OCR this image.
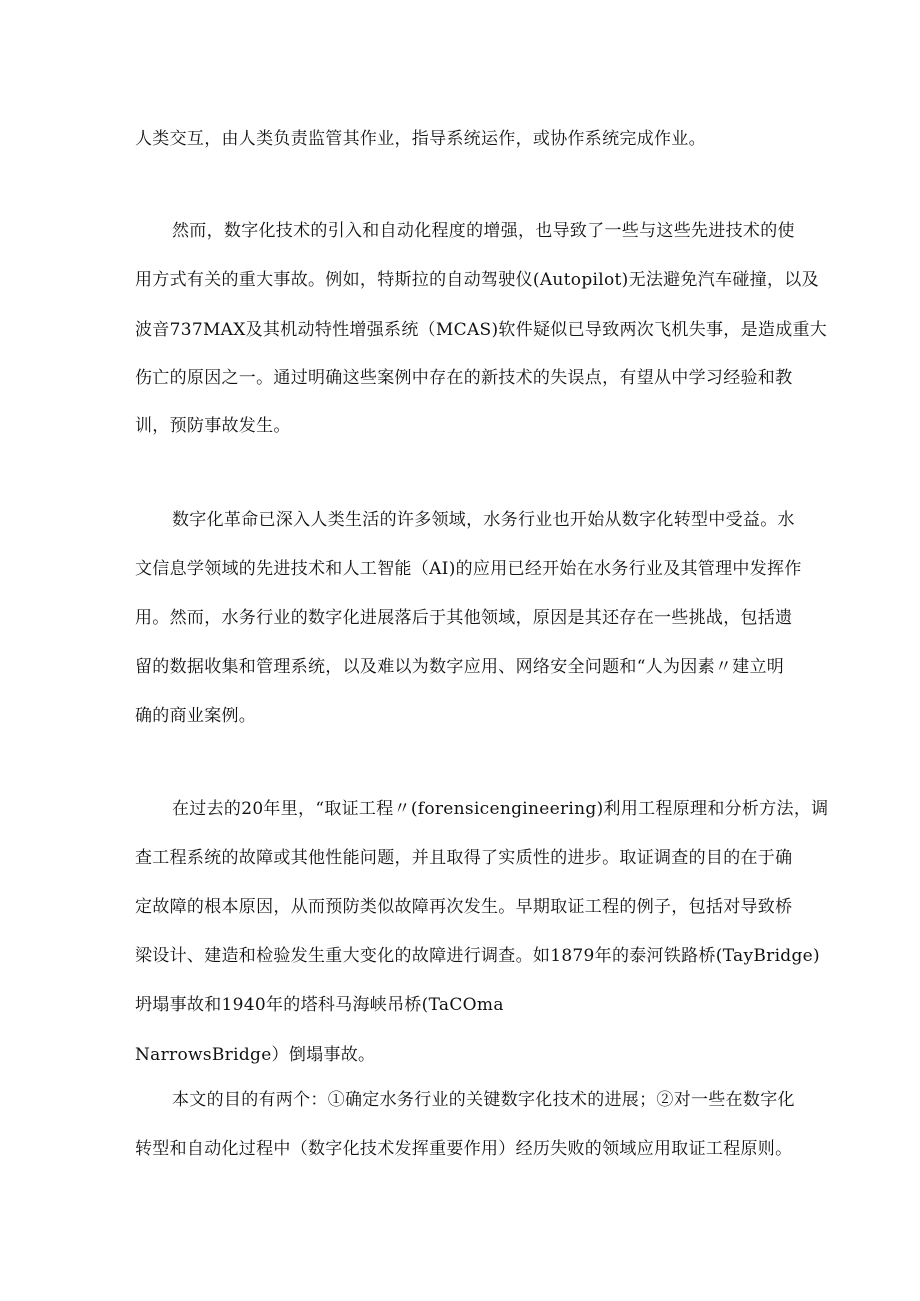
人类交互，由人类负责监管其作业，指导系统运作，或协作系统完成作业。
然而，数字化技术的引入和自动化程度的增强，也导致了一些与这些先进技术的使
用方式有关的重大事故。例如，特斯拉的自动驾驶仪(Autopilot)无法避免汽车碰撞，以及
波音737MAX及其机动特性增强系统（MCAS)软件疑似已导致两次飞机失事，是造成重大
伤亡的原因之一。通过明确这些案例中存在的新技术的失误点，有望从中学习经验和教
训，预防事故发生。
数字化革命已深入人类生活的许多领域，水务行业也开始从数字化转型中受益。水
文信息学领域的先进技术和人工智能（AI)的应用已经开始在水务行业及其管理中发挥作
用。然而，水务行业的数字化进展落后于其他领域，原因是其还存在一些挑战，包括遗
留的数据收集和管理系统，以及难以为数字应用、网络安全问题和“人为因素〃建立明
确的商业案例。
在过去的20年里，“取证工程〃(forensicengineering)利用工程原理和分析方法，调
查工程系统的故障或其他性能问题，并且取得了实质性的进步。取证调查的目的在于确
定故障的根本原因，从而预防类似故障再次发生。早期取证工程的例子，包括对导致桥
梁设计、建造和检验发生重大变化的故障进行调查。如1879年的泰河铁路桥(TayBridge)
坍塌事故和1940年的塔科马海峡吊桥(TaCOma
NarrowsBridge）倒塌事故。
本文的目的有两个：①确定水务行业的关键数字化技术的进展；②对一些在数字化
转型和自动化过程中（数字化技术发挥重要作用）经历失败的领域应用取证工程原则。
